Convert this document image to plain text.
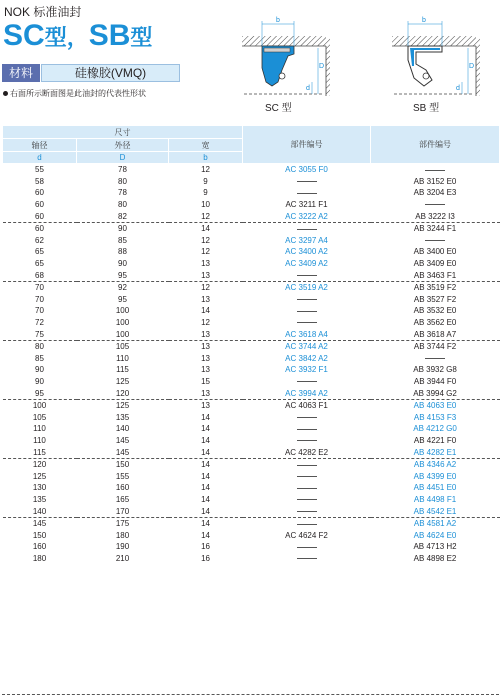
NOK 标准油封
SC型，SB型
材料	硅橡胶(VMQ)
右面所示断面图是此油封的代表性形状
b
D
d
SC 型
b
D
d
SB 型
尺寸			部件编号	部件编号
轴径	外径	宽		
d	D	b		
55	78	12	AC 3055 F0	
58	80	9		AB 3152 E0
60	78	9		AB 3204 E3
60	80	10	AC 3211 F1	
60	82	12	AC 3222 A2	AB 3222 I3
60	90	14		AB 3244 F1
62	85	12	AC 3297 A4	
65	88	12	AC 3400 A2	AB 3400 E0
65	90	13	AC 3409 A2	AB 3409 E0
68	95	13		AB 3463 F1
70	92	12	AC 3519 A2	AB 3519 F2
70	95	13		AB 3527 F2
70	100	14		AB 3532 E0
72	100	12		AB 3562 E0
75	100	13	AC 3618 A4	AB 3618 A7
80	105	13	AC 3744 A2	AB 3744 F2
85	110	13	AC 3842 A2	
90	115	13	AC 3932 F1	AB 3932 G8
90	125	15		AB 3944 F0
95	120	13	AC 3994 A2	AB 3994 G2
100	125	13	AC 4063 F1	AB 4063 E0
105	135	14		AB 4153 F3
110	140	14		AB 4212 G0
110	145	14		AB 4221 F0
115	145	14	AC 4282 E2	AB 4282 E1
120	150	14		AB 4346 A2
125	155	14		AB 4399 E0
130	160	14		AB 4451 E0
135	165	14		AB 4498 F1
140	170	14		AB 4542 E1
145	175	14		AB 4581 A2
150	180	14	AC 4624 F2	AB 4624 E0
160	190	16		AB 4713 H2
180	210	16		AB 4898 E2
